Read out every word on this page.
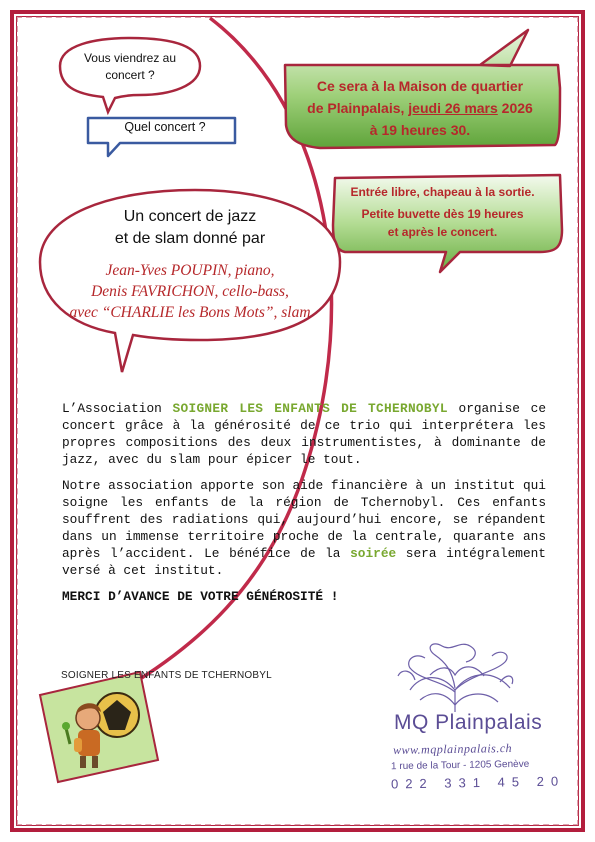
Vous viendrez au concert ?
Quel concert ?
Ce sera à la Maison de quartier
de Plainpalais, jeudi 26 mars 2026
à 19 heures 30.
Entrée libre, chapeau à la sortie.
Petite buvette dès 19 heures
et après le concert.
Un concert de jazz
et de slam donné par
Jean-Yves POUPIN, piano,
Denis FAVRICHON, cello-bass,
avec “CHARLIE les Bons Mots”, slam

L’Association SOIGNER LES ENFANTS DE TCHERNOBYL organise ce concert grâce à la générosité de ce trio qui interprétera les propres compositions des deux instrumentistes, à dominante de jazz, avec du slam pour épicer le tout.

Notre association apporte son aide financière à un institut qui soigne les enfants de la région de Tchernobyl. Ces enfants souffrent des radiations qui, aujourd’hui encore, se répandent dans un immense territoire proche de la centrale, quarante ans après l’accident. Le bénéfice de la soirée sera intégralement versé à cet institut.

MERCI D’AVANCE DE VOTRE GÉNÉROSITÉ !

SOIGNER LES ENFANTS DE TCHERNOBYL
MQ Plainpalais
www.mqplainpalais.ch
1 rue de la Tour - 1205 Genève
022 331 45 20
